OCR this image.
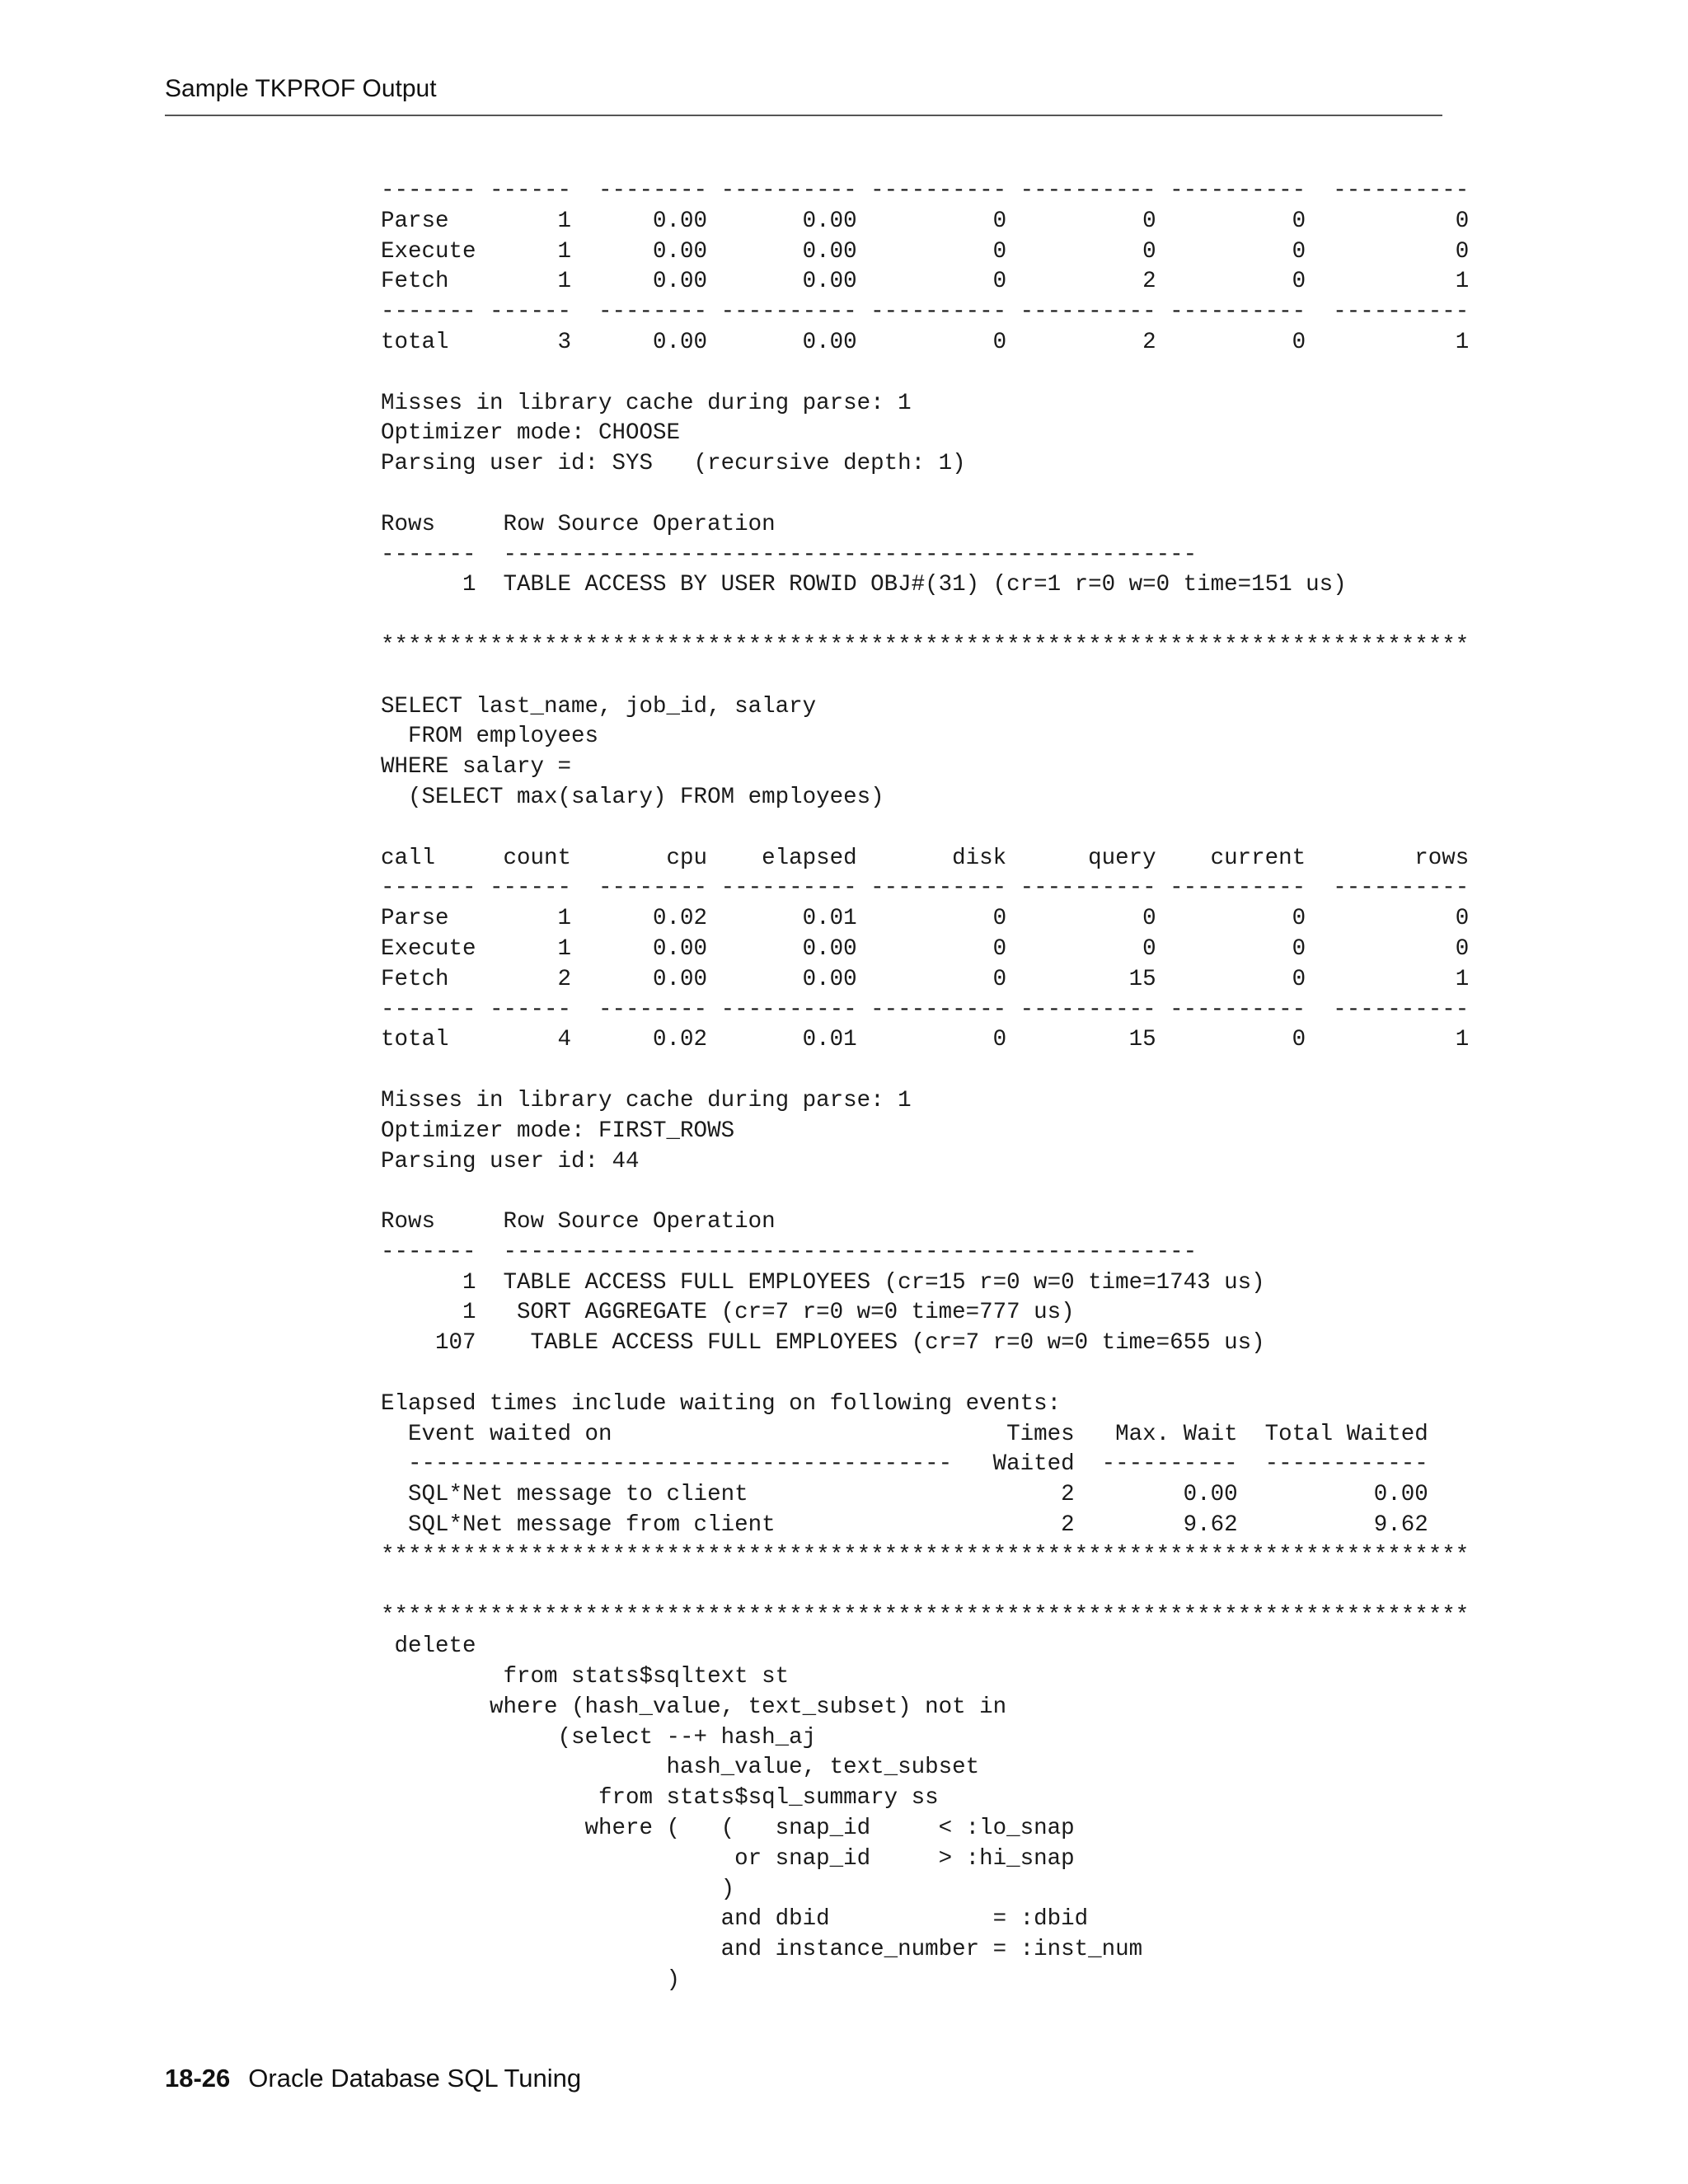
Sample TKPROF Output
------- ------  -------- ---------- ---------- ---------- ----------  ----------
Parse        1      0.00       0.00          0          0          0           0
Execute      1      0.00       0.00          0          0          0           0
Fetch        1      0.00       0.00          0          2          0           1
------- ------  -------- ---------- ---------- ---------- ----------  ----------
total        3      0.00       0.00          0          2          0           1

Misses in library cache during parse: 1
Optimizer mode: CHOOSE
Parsing user id: SYS   (recursive depth: 1)

Rows     Row Source Operation
-------  ---------------------------------------------------
1  TABLE ACCESS BY USER ROWID OBJ#(31) (cr=1 r=0 w=0 time=151 us)

********************************************************************************

SELECT last_name, job_id, salary
FROM employees
WHERE salary =
(SELECT max(salary) FROM employees)

call     count       cpu    elapsed       disk      query    current        rows
------- ------  -------- ---------- ---------- ---------- ----------  ----------
Parse        1      0.02       0.01          0          0          0           0
Execute      1      0.00       0.00          0          0          0           0
Fetch        2      0.00       0.00          0         15          0           1
------- ------  -------- ---------- ---------- ---------- ----------  ----------
total        4      0.02       0.01          0         15          0           1

Misses in library cache during parse: 1
Optimizer mode: FIRST_ROWS
Parsing user id: 44

Rows     Row Source Operation
-------  ---------------------------------------------------
1  TABLE ACCESS FULL EMPLOYEES (cr=15 r=0 w=0 time=1743 us)
1   SORT AGGREGATE (cr=7 r=0 w=0 time=777 us)
107    TABLE ACCESS FULL EMPLOYEES (cr=7 r=0 w=0 time=655 us)

Elapsed times include waiting on following events:
Event waited on                             Times   Max. Wait  Total Waited
----------------------------------------   Waited  ----------  ------------
SQL*Net message to client                       2        0.00          0.00
SQL*Net message from client                     2        9.62          9.62
********************************************************************************

********************************************************************************
delete
from stats$sqltext st
where (hash_value, text_subset) not in
(select --+ hash_aj
hash_value, text_subset
from stats$sql_summary ss
where (   (   snap_id     < :lo_snap
or snap_id     > :hi_snap
)
and dbid            = :dbid
and instance_number = :inst_num
)
18-26 Oracle Database SQL Tuning
